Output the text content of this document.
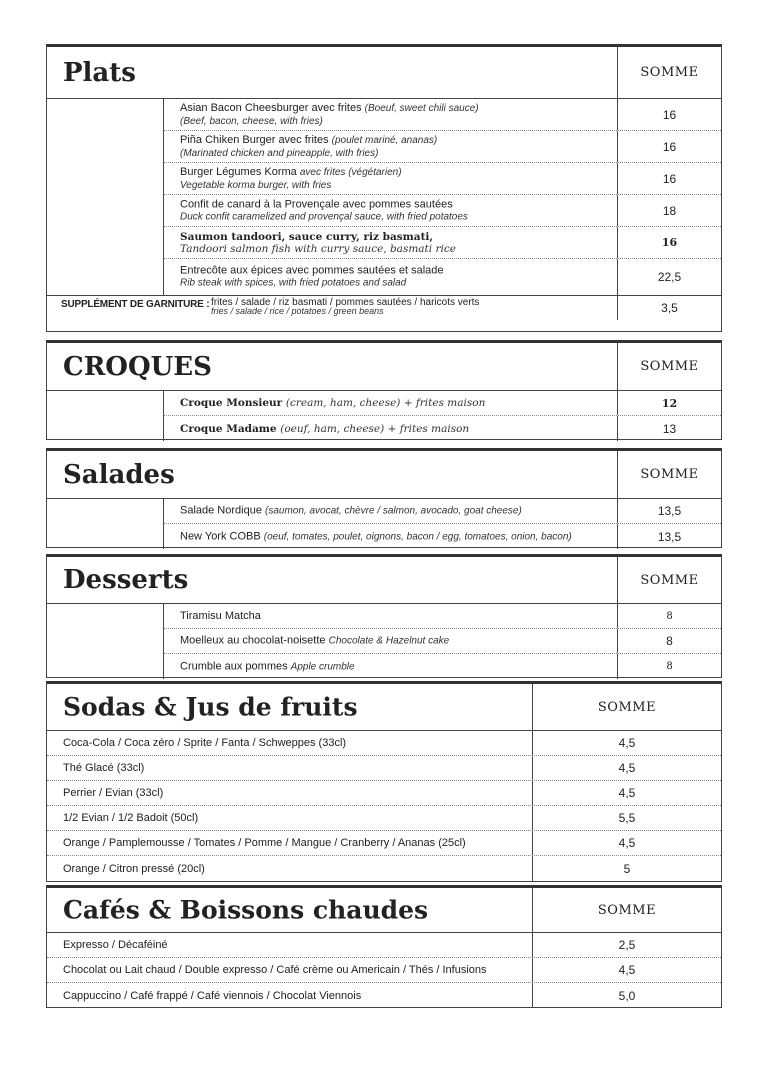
Plats	SOMME
Asian Bacon Cheesburger avec frites (Boeuf, sweet chili sauce)
(Beef, bacon, cheese, with fries)	16
Piña Chiken Burger avec frites (poulet mariné, ananas)
(Marinated chicken and pineapple, with fries)	16
Burger Légumes Korma avec frites (végétarien)
Vegetable korma burger, with fries	16
Confit de canard à la Provençale avec pommes sautées
Duck confit caramelized and provençal sauce, with fried potatoes	18
Saumon tandoori, sauce curry, riz basmati,
Tandoori salmon fish with curry sauce, basmati rice	16
Entrecôte aux épices avec pommes sautées et salade
Rib steak with spices, with fried potatoes and salad	22,5
SUPPLÉMENT DE GARNITURE : frites / salade / riz basmati / pommes sautées / haricots verts
fries / salade / rice / potatoes / green beans	3,5
CROQUES	SOMME
Croque Monsieur (cream, ham, cheese) + frites maison	12
Croque Madame (oeuf, ham, cheese) + frites maison	13
Salades	SOMME
Salade Nordique (saumon, avocat, chèvre / salmon, avocado, goat cheese)	13,5
New York COBB (oeuf, tomates, poulet, oignons, bacon / egg, tomatoes, onion, bacon)	13,5
Desserts	SOMME
Tiramisu Matcha	8
Moelleux au chocolat-noisette Chocolate & Hazelnut cake	8
Crumble aux pommes Apple crumble	8
Sodas & Jus de fruits	SOMME
Coca-Cola / Coca zéro / Sprite / Fanta / Schweppes (33cl)	4,5
Thé Glacé (33cl)	4,5
Perrier / Evian (33cl)	4,5
1/2 Evian / 1/2 Badoit (50cl)	5,5
Orange / Pamplemousse / Tomates / Pomme / Mangue / Cranberry / Ananas (25cl)	4,5
Orange / Citron pressé (20cl)	5
Cafés & Boissons chaudes	SOMME
Expresso / Décaféiné	2,5
Chocolat ou Lait chaud / Double expresso / Café crème ou Americain / Thés / Infusions	4,5
Cappuccino / Café frappé / Café viennois / Chocolat Viennois	5,0
